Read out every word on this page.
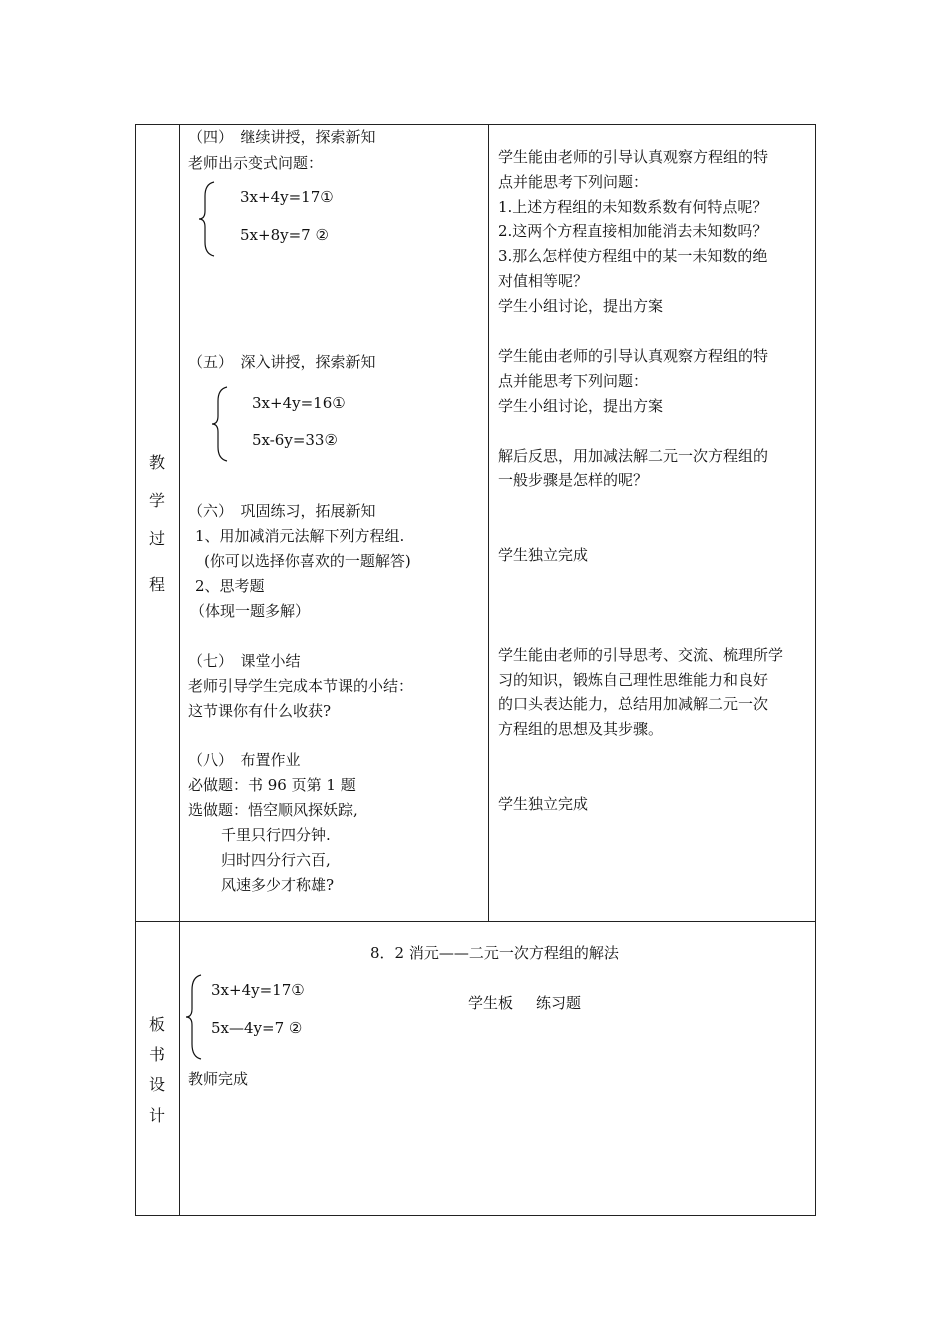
教
学
过
程
（四）　继续讲授，探索新知
老师出示变式问题：
3x+4y=17①
5x+8y=7 ②
（五）　深入讲授，探索新知
3x+4y=16①
5x-6y=33②
（六）　巩固练习，拓展新知
1、用加减消元法解下列方程组.
(你可以选择你喜欢的一题解答)
2、思考题
（体现一题多解）
（七）　课堂小结
老师引导学生完成本节课的小结：
这节课你有什么收获?
（八）　布置作业
必做题：书 96 页第 1 题
选做题：悟空顺风探妖踪,
千里只行四分钟.
归时四分行六百,
风速多少才称雄?
学生能由老师的引导认真观察方程组的特
点并能思考下列问题：
1.上述方程组的未知数系数有何特点呢？
2.这两个方程直接相加能消去未知数吗？
3.那么怎样使方程组中的某一未知数的绝
对值相等呢？
学生小组讨论，提出方案
学生能由老师的引导认真观察方程组的特
点并能思考下列问题：
学生小组讨论，提出方案
解后反思，用加减法解二元一次方程组的
一般步骤是怎样的呢？
学生独立完成
学生能由老师的引导思考、交流、梳理所学
习的知识，锻炼自己理性思维能力和良好
的口头表达能力，总结用加减解二元一次
方程组的思想及其步骤。
学生独立完成
板
书
设
计
8．2 消元——二元一次方程组的解法
3x+4y=17①
5x—4y=7 ②
学生板 练习题
教师完成
